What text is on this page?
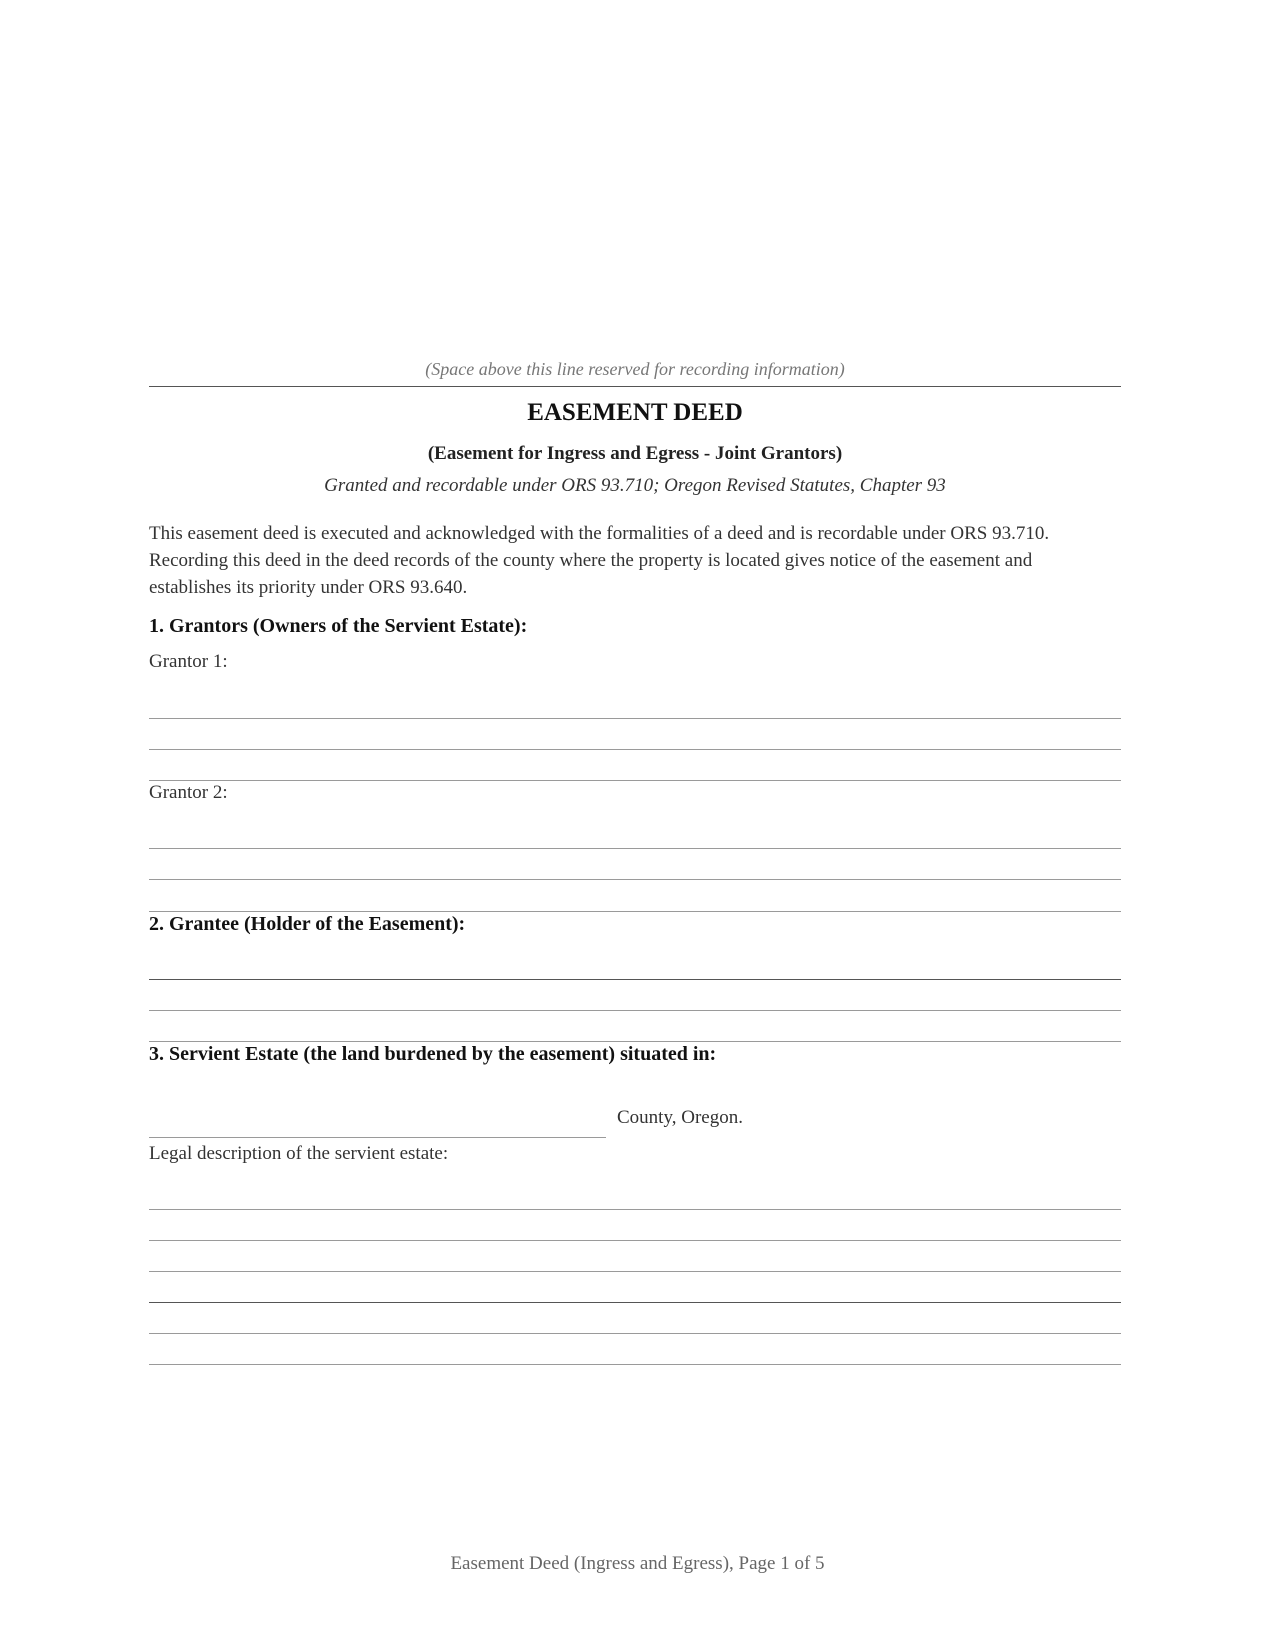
(Space above this line reserved for recording information)
EASEMENT DEED
(Easement for Ingress and Egress - Joint Grantors)
Granted and recordable under ORS 93.710; Oregon Revised Statutes, Chapter 93
This easement deed is executed and acknowledged with the formalities of a deed and is recordable under ORS 93.710. Recording this deed in the deed records of the county where the property is located gives notice of the easement and establishes its priority under ORS 93.640.
1. Grantors (Owners of the Servient Estate):
Grantor 1:
Grantor 2:
2. Grantee (Holder of the Easement):
3. Servient Estate (the land burdened by the easement) situated in:
County, Oregon.
Legal description of the servient estate:
Easement Deed (Ingress and Egress), Page 1 of 5
